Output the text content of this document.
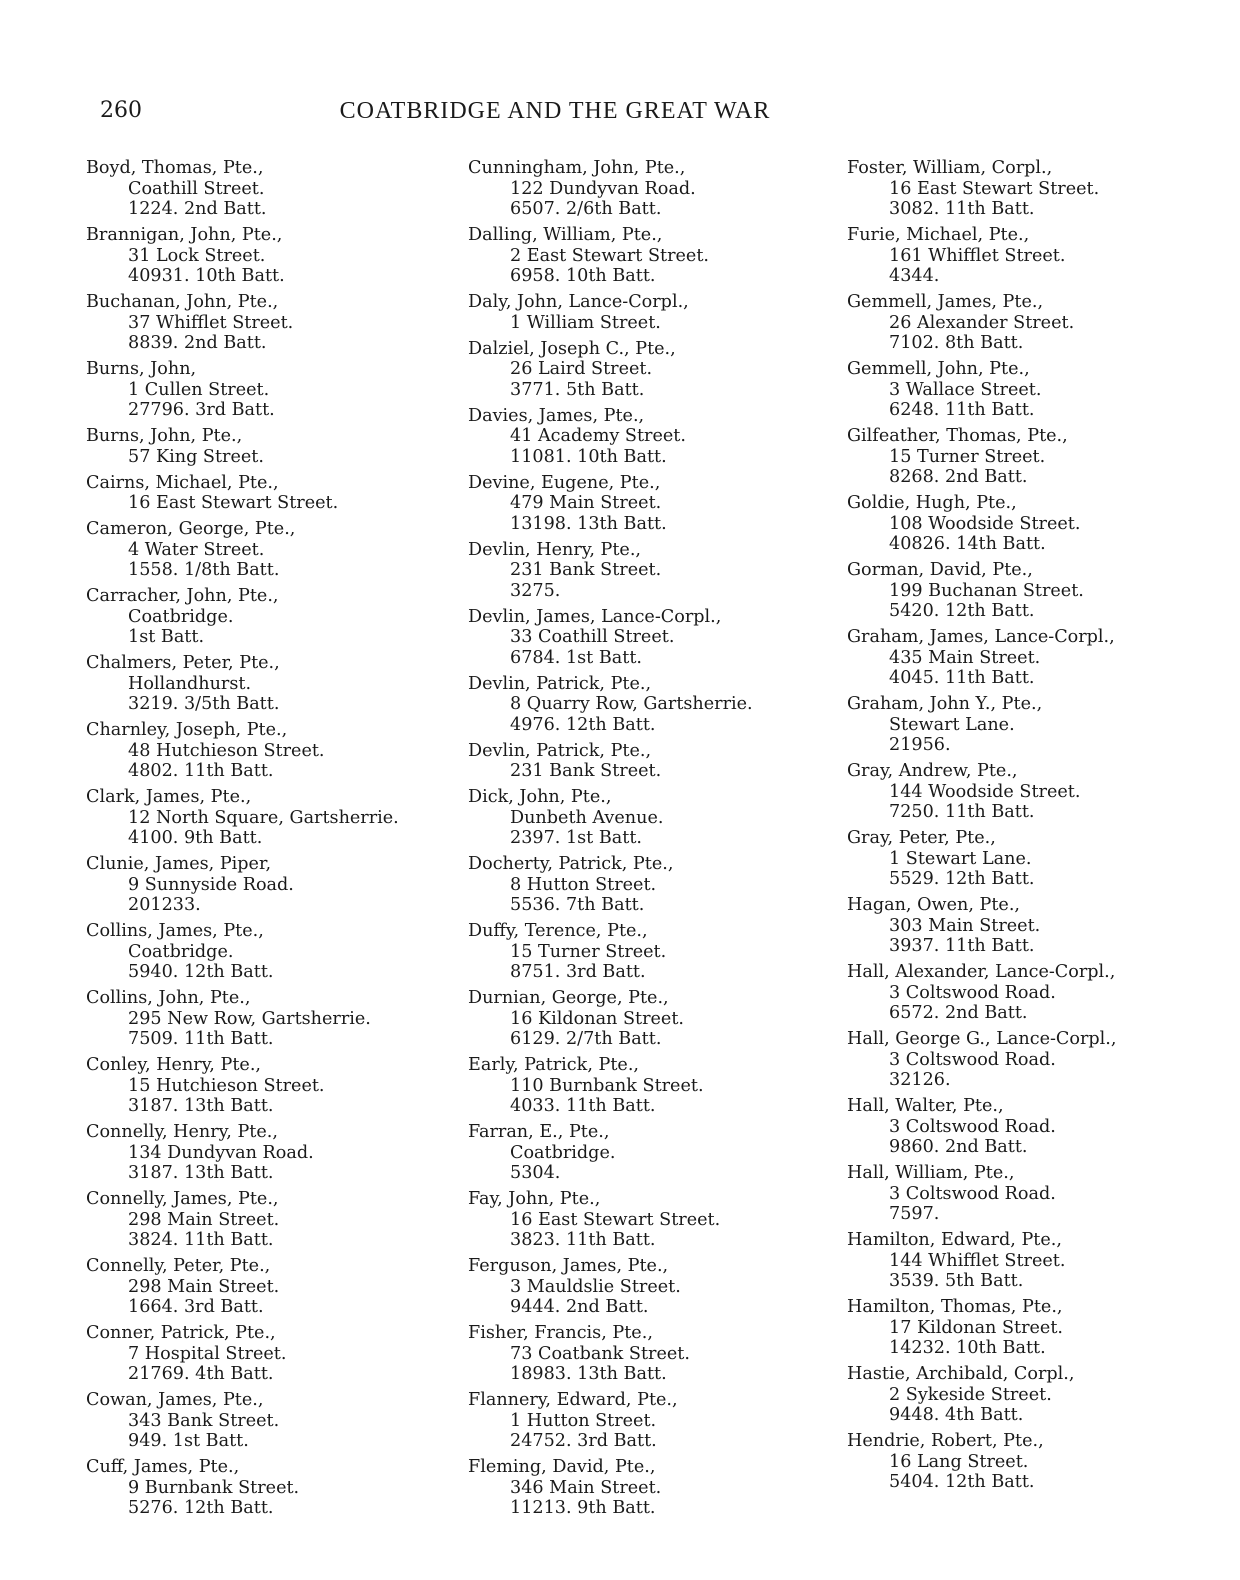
260	COATBRIDGE AND THE GREAT WAR
Boyd, Thomas, Pte.,
Coathill Street.
1224. 2nd Batt.
Brannigan, John, Pte.,
31 Lock Street.
40931. 10th Batt.
Buchanan, John, Pte.,
37 Whifflet Street.
8839. 2nd Batt.
Burns, John,
1 Cullen Street.
27796. 3rd Batt.
Burns, John, Pte.,
57 King Street.
Cairns, Michael, Pte.,
16 East Stewart Street.
Cameron, George, Pte.,
4 Water Street.
1558. 1/8th Batt.
Carracher, John, Pte.,
Coatbridge.
1st Batt.
Chalmers, Peter, Pte.,
Hollandhurst.
3219. 3/5th Batt.
Charnley, Joseph, Pte.,
48 Hutchieson Street.
4802. 11th Batt.
Clark, James, Pte.,
12 North Square, Gartsherrie.
4100. 9th Batt.
Clunie, James, Piper,
9 Sunnyside Road.
201233.
Collins, James, Pte.,
Coatbridge.
5940. 12th Batt.
Collins, John, Pte.,
295 New Row, Gartsherrie.
7509. 11th Batt.
Conley, Henry, Pte.,
15 Hutchieson Street.
3187. 13th Batt.
Connelly, Henry, Pte.,
134 Dundyvan Road.
3187. 13th Batt.
Connelly, James, Pte.,
298 Main Street.
3824. 11th Batt.
Connelly, Peter, Pte.,
298 Main Street.
1664. 3rd Batt.
Conner, Patrick, Pte.,
7 Hospital Street.
21769. 4th Batt.
Cowan, James, Pte.,
343 Bank Street.
949. 1st Batt.
Cuff, James, Pte.,
9 Burnbank Street.
5276. 12th Batt.
Cunningham, John, Pte.,
122 Dundyvan Road.
6507. 2/6th Batt.
Dalling, William, Pte.,
2 East Stewart Street.
6958. 10th Batt.
Daly, John, Lance-Corpl.,
1 William Street.
Dalziel, Joseph C., Pte.,
26 Laird Street.
3771. 5th Batt.
Davies, James, Pte.,
41 Academy Street.
11081. 10th Batt.
Devine, Eugene, Pte.,
479 Main Street.
13198. 13th Batt.
Devlin, Henry, Pte.,
231 Bank Street.
3275.
Devlin, James, Lance-Corpl.,
33 Coathill Street.
6784. 1st Batt.
Devlin, Patrick, Pte.,
8 Quarry Row, Gartsherrie.
4976. 12th Batt.
Devlin, Patrick, Pte.,
231 Bank Street.
Dick, John, Pte.,
Dunbeth Avenue.
2397. 1st Batt.
Docherty, Patrick, Pte.,
8 Hutton Street.
5536. 7th Batt.
Duffy, Terence, Pte.,
15 Turner Street.
8751. 3rd Batt.
Durnian, George, Pte.,
16 Kildonan Street.
6129. 2/7th Batt.
Early, Patrick, Pte.,
110 Burnbank Street.
4033. 11th Batt.
Farran, E., Pte.,
Coatbridge.
5304.
Fay, John, Pte.,
16 East Stewart Street.
3823. 11th Batt.
Ferguson, James, Pte.,
3 Mauldslie Street.
9444. 2nd Batt.
Fisher, Francis, Pte.,
73 Coatbank Street.
18983. 13th Batt.
Flannery, Edward, Pte.,
1 Hutton Street.
24752. 3rd Batt.
Fleming, David, Pte.,
346 Main Street.
11213. 9th Batt.
Foster, William, Corpl.,
16 East Stewart Street.
3082. 11th Batt.
Furie, Michael, Pte.,
161 Whifflet Street.
4344.
Gemmell, James, Pte.,
26 Alexander Street.
7102. 8th Batt.
Gemmell, John, Pte.,
3 Wallace Street.
6248. 11th Batt.
Gilfeather, Thomas, Pte.,
15 Turner Street.
8268. 2nd Batt.
Goldie, Hugh, Pte.,
108 Woodside Street.
40826. 14th Batt.
Gorman, David, Pte.,
199 Buchanan Street.
5420. 12th Batt.
Graham, James, Lance-Corpl.,
435 Main Street.
4045. 11th Batt.
Graham, John Y., Pte.,
Stewart Lane.
21956.
Gray, Andrew, Pte.,
144 Woodside Street.
7250. 11th Batt.
Gray, Peter, Pte.,
1 Stewart Lane.
5529. 12th Batt.
Hagan, Owen, Pte.,
303 Main Street.
3937. 11th Batt.
Hall, Alexander, Lance-Corpl.,
3 Coltswood Road.
6572. 2nd Batt.
Hall, George G., Lance-Corpl.,
3 Coltswood Road.
32126.
Hall, Walter, Pte.,
3 Coltswood Road.
9860. 2nd Batt.
Hall, William, Pte.,
3 Coltswood Road.
7597.
Hamilton, Edward, Pte.,
144 Whifflet Street.
3539. 5th Batt.
Hamilton, Thomas, Pte.,
17 Kildonan Street.
14232. 10th Batt.
Hastie, Archibald, Corpl.,
2 Sykeside Street.
9448. 4th Batt.
Hendrie, Robert, Pte.,
16 Lang Street.
5404. 12th Batt.
